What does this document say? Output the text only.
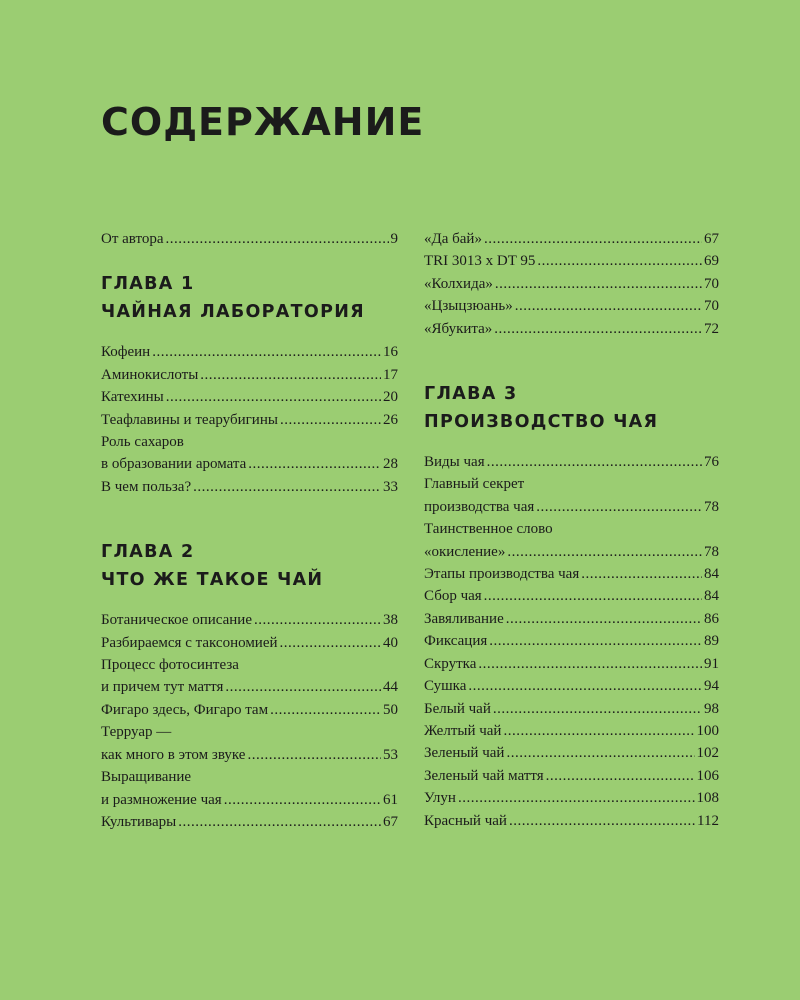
СОДЕРЖАНИЕ
От автора .....	9
ГЛАВА 1
ЧАЙНАЯ ЛАБОРАТОРИЯ
Кофеин .....	16
Аминокислоты .....	17
Катехины .....	20
Теафлавины и теарубигины .....	26
Роль сахаров
в образовании аромата .....	28
В чем польза? .....	33
ГЛАВА 2
ЧТО ЖЕ ТАКОЕ ЧАЙ
Ботаническое описание .....	38
Разбираемся с таксономией .....	40
Процесс фотосинтеза
и причем тут маття .....	44
Фигаро здесь, Фигаро там .....	50
Терруар —
как много в этом звуке .....	53
Выращивание
и размножение чая .....	61
Культивары .....	67
«Да бай» .....	67
TRI 3013 x DT 95 .....	69
«Колхида» .....	70
«Цзыцзюань» .....	70
«Ябукита» .....	72
ГЛАВА 3
ПРОИЗВОДСТВО ЧАЯ
Виды чая .....	76
Главный секрет
производства чая .....	78
Таинственное слово
«окисление» .....	78
Этапы производства чая .....	84
Сбор чая .....	84
Завяливание .....	86
Фиксация .....	89
Скрутка .....	91
Сушка .....	94
Белый чай .....	98
Желтый чай .....	100
Зеленый чай .....	102
Зеленый чай маття .....	106
Улун .....	108
Красный чай .....	112
